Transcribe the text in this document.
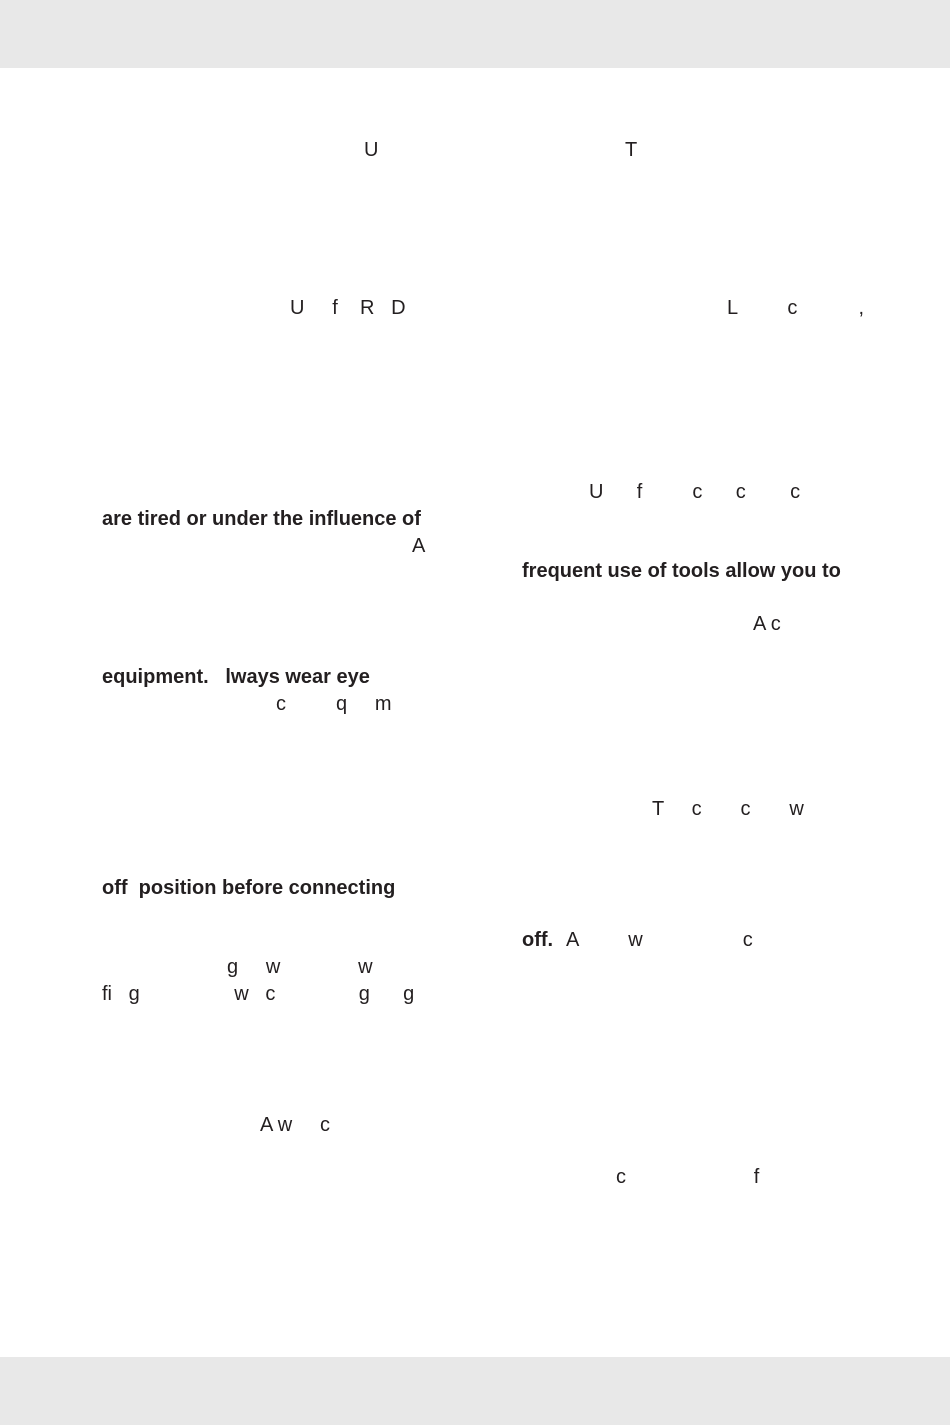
U

U     f    R   D

are tired or under the influence of

A

equipment.   lways wear eye

c         q     m

off  position before connecting

g     w              w

fi   g                 w   c               g      g

A w     c

T

L         c           ,

U      f         c      c        c

frequent use of tools allow you to

A c

T     c       c       w

off. A         w                  c

c                       f
